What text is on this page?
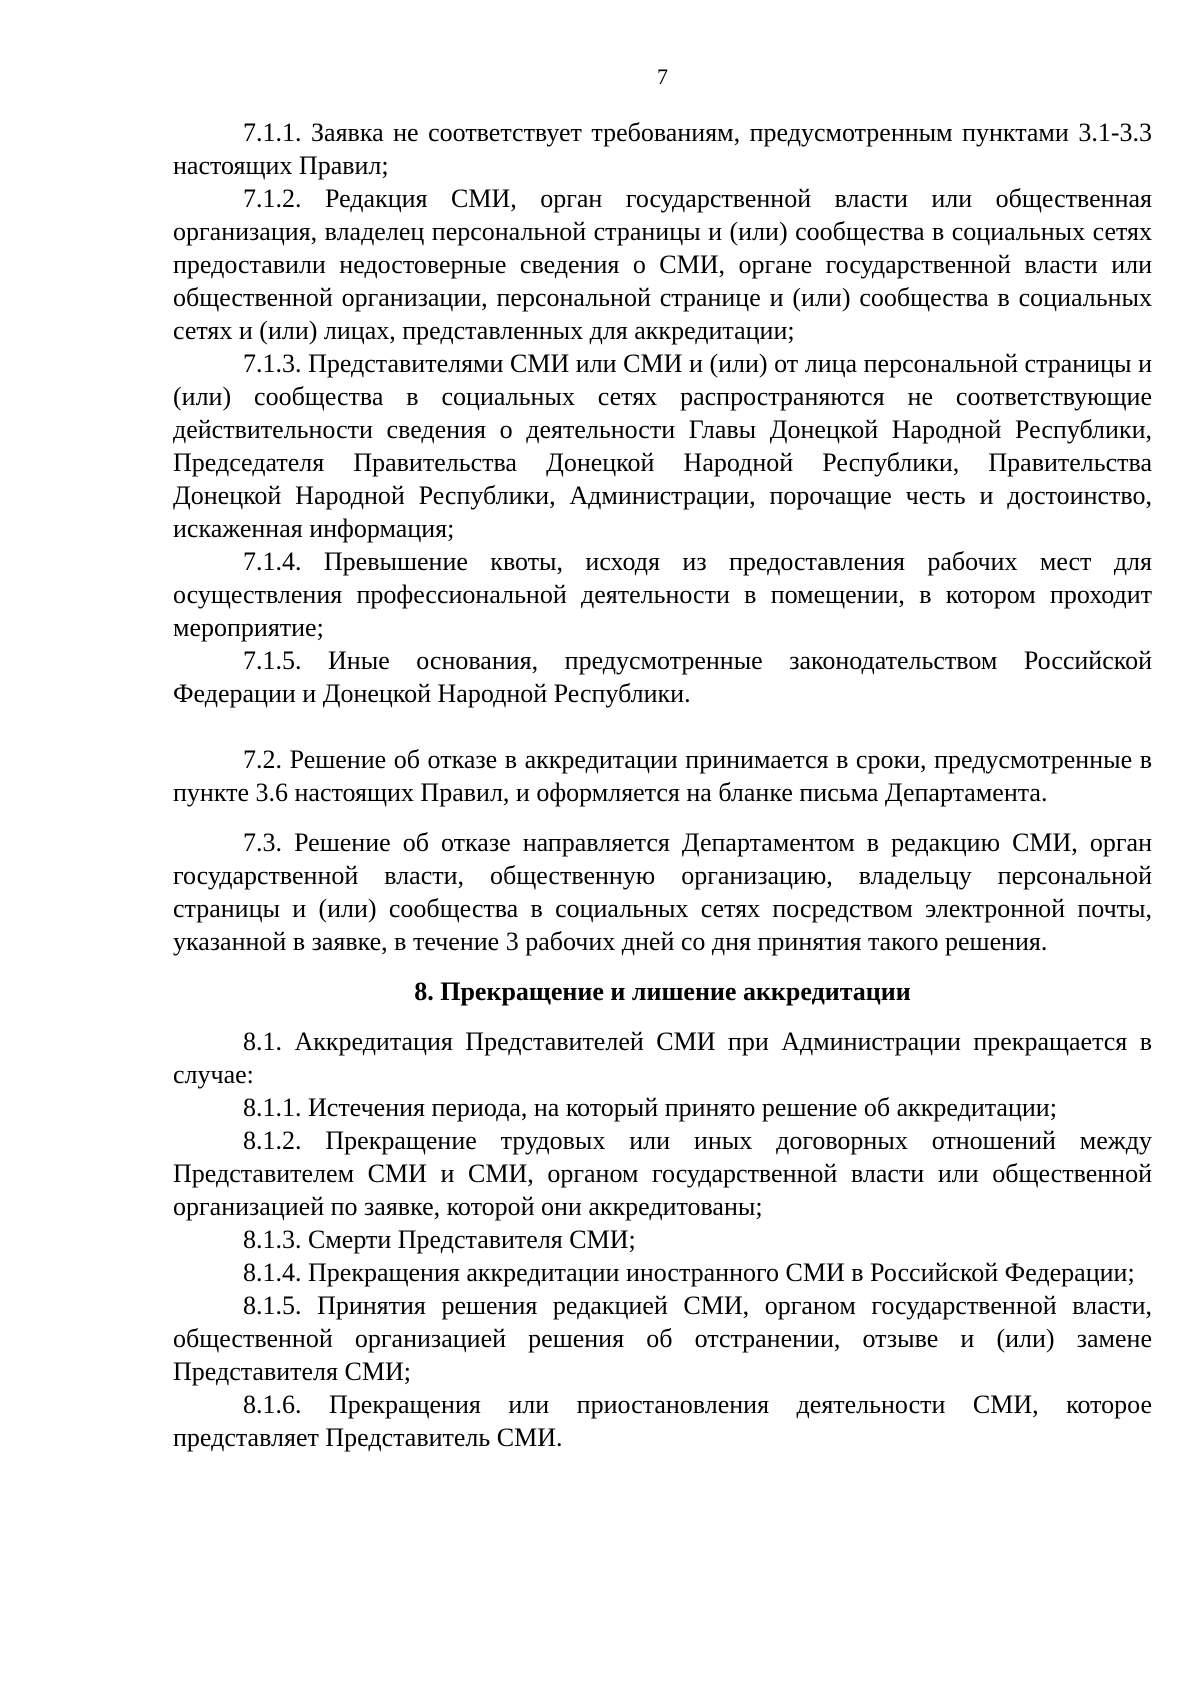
7

7.1.1. Заявка не соответствует требованиям, предусмотренным пунктами 3.1-3.3 настоящих Правил;

7.1.2. Редакция СМИ, орган государственной власти или общественная организация, владелец персональной страницы и (или) сообщества в социальных сетях предоставили недостоверные сведения о СМИ, органе государственной власти или общественной организации, персональной странице и (или) сообщества в социальных сетях и (или) лицах, представленных для аккредитации;

7.1.3. Представителями СМИ или СМИ и (или) от лица персональной страницы и (или) сообщества в социальных сетях распространяются не соответствующие действительности сведения о деятельности Главы Донецкой Народной Республики, Председателя Правительства Донецкой Народной Республики, Правительства Донецкой Народной Республики, Администрации, порочащие честь и достоинство, искаженная информация;

7.1.4. Превышение квоты, исходя из предоставления рабочих мест для осуществления профессиональной деятельности в помещении, в котором проходит мероприятие;

7.1.5. Иные основания, предусмотренные законодательством Российской Федерации и Донецкой Народной Республики.

7.2. Решение об отказе в аккредитации принимается в сроки, предусмотренные в пункте 3.6 настоящих Правил, и оформляется на бланке письма Департамента.

7.3. Решение об отказе направляется Департаментом в редакцию СМИ, орган государственной власти, общественную организацию, владельцу персональной страницы и (или) сообщества в социальных сетях посредством электронной почты, указанной в заявке, в течение 3 рабочих дней со дня принятия такого решения.

8. Прекращение и лишение аккредитации

8.1. Аккредитация Представителей СМИ при Администрации прекращается в случае:

8.1.1. Истечения периода, на который принято решение об аккредитации;

8.1.2. Прекращение трудовых или иных договорных отношений между Представителем СМИ и СМИ, органом государственной власти или общественной организацией по заявке, которой они аккредитованы;

8.1.3. Смерти Представителя СМИ;

8.1.4. Прекращения аккредитации иностранного СМИ в Российской Федерации;

8.1.5. Принятия решения редакцией СМИ, органом государственной власти, общественной организацией решения об отстранении, отзыве и (или) замене Представителя СМИ;

8.1.6. Прекращения или приостановления деятельности СМИ, которое представляет Представитель СМИ.
